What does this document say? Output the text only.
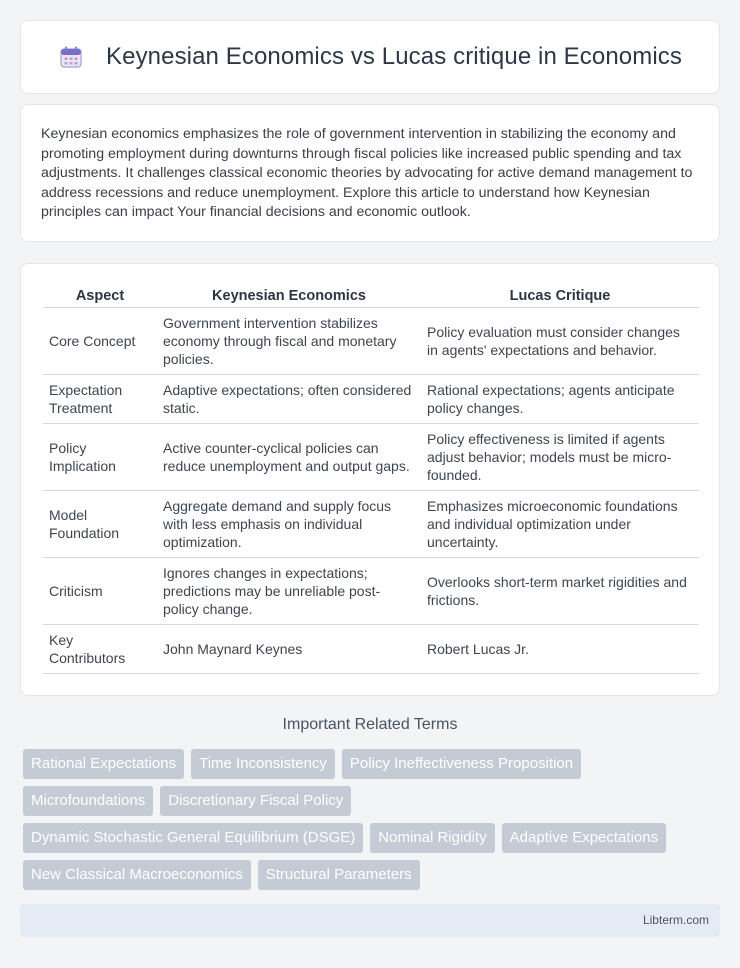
Keynesian Economics vs Lucas critique in Economics

Keynesian economics emphasizes the role of government intervention in stabilizing the economy and promoting employment during downturns through fiscal policies like increased public spending and tax adjustments. It challenges classical economic theories by advocating for active demand management to address recessions and reduce unemployment. Explore this article to understand how Keynesian principles can impact Your financial decisions and economic outlook.

Aspect	Keynesian Economics	Lucas Critique
Core Concept	Government intervention stabilizes economy through fiscal and monetary policies.	Policy evaluation must consider changes in agents' expectations and behavior.
Expectation Treatment	Adaptive expectations; often considered static.	Rational expectations; agents anticipate policy changes.
Policy Implication	Active counter-cyclical policies can reduce unemployment and output gaps.	Policy effectiveness is limited if agents adjust behavior; models must be micro-founded.
Model Foundation	Aggregate demand and supply focus with less emphasis on individual optimization.	Emphasizes microeconomic foundations and individual optimization under uncertainty.
Criticism	Ignores changes in expectations; predictions may be unreliable post-policy change.	Overlooks short-term market rigidities and frictions.
Key Contributors	John Maynard Keynes	Robert Lucas Jr.
Important Related Terms
Rational Expectations	Time Inconsistency	Policy Ineffectiveness Proposition
Microfoundations	Discretionary Fiscal Policy
Dynamic Stochastic General Equilibrium (DSGE)	Nominal Rigidity	Adaptive Expectations
New Classical Macroeconomics	Structural Parameters
Libterm.com
